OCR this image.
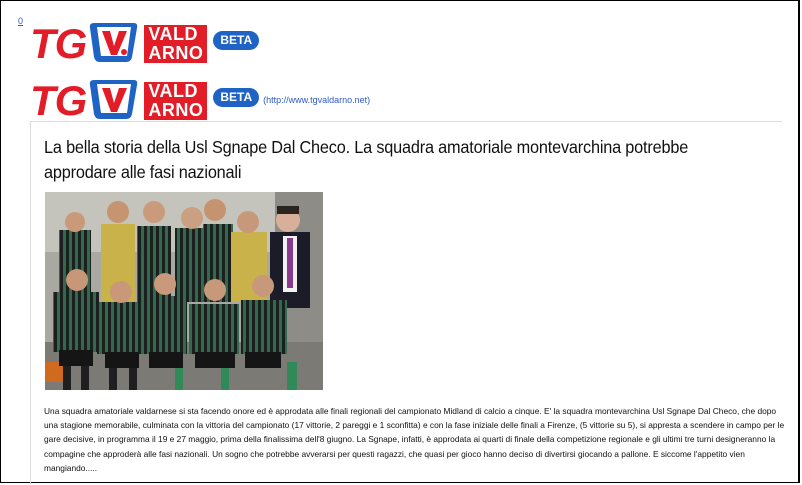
0 TG	VALD
ARNO
BETA
TG	VALD
ARNO
BETA	(http://www.tgvaldarno.net)
La bella storia della Usl Sgnape Dal Checo. La squadra amatoriale montevarchina potrebbe approdare alle fasi nazionali

Una squadra amatoriale valdarnese si sta facendo onore ed è approdata alle finali regionali del campionato Midland di calcio a cinque. E' la squadra montevarchina Usl Sgnape Dal Checo, che dopo una stagione memorabile, culminata con la vittoria del campionato (17 vittorie, 2 pareggi e 1 sconfitta) e con la fase iniziale delle finali a Firenze, (5 vittorie su 5), si appresta a scendere in campo per le gare decisive, in programma il 19 e 27 maggio, prima della finalissima dell'8 giugno. La Sgnape, infatti, è approdata ai quarti di finale della competizione regionale e gli ultimi tre turni designeranno la compagine che approderà alle fasi nazionali. Un sogno che potrebbe avverarsi per questi ragazzi, che quasi per gioco hanno deciso di divertirsi giocando a pallone. E siccome l'appetito vien mangiando.....
